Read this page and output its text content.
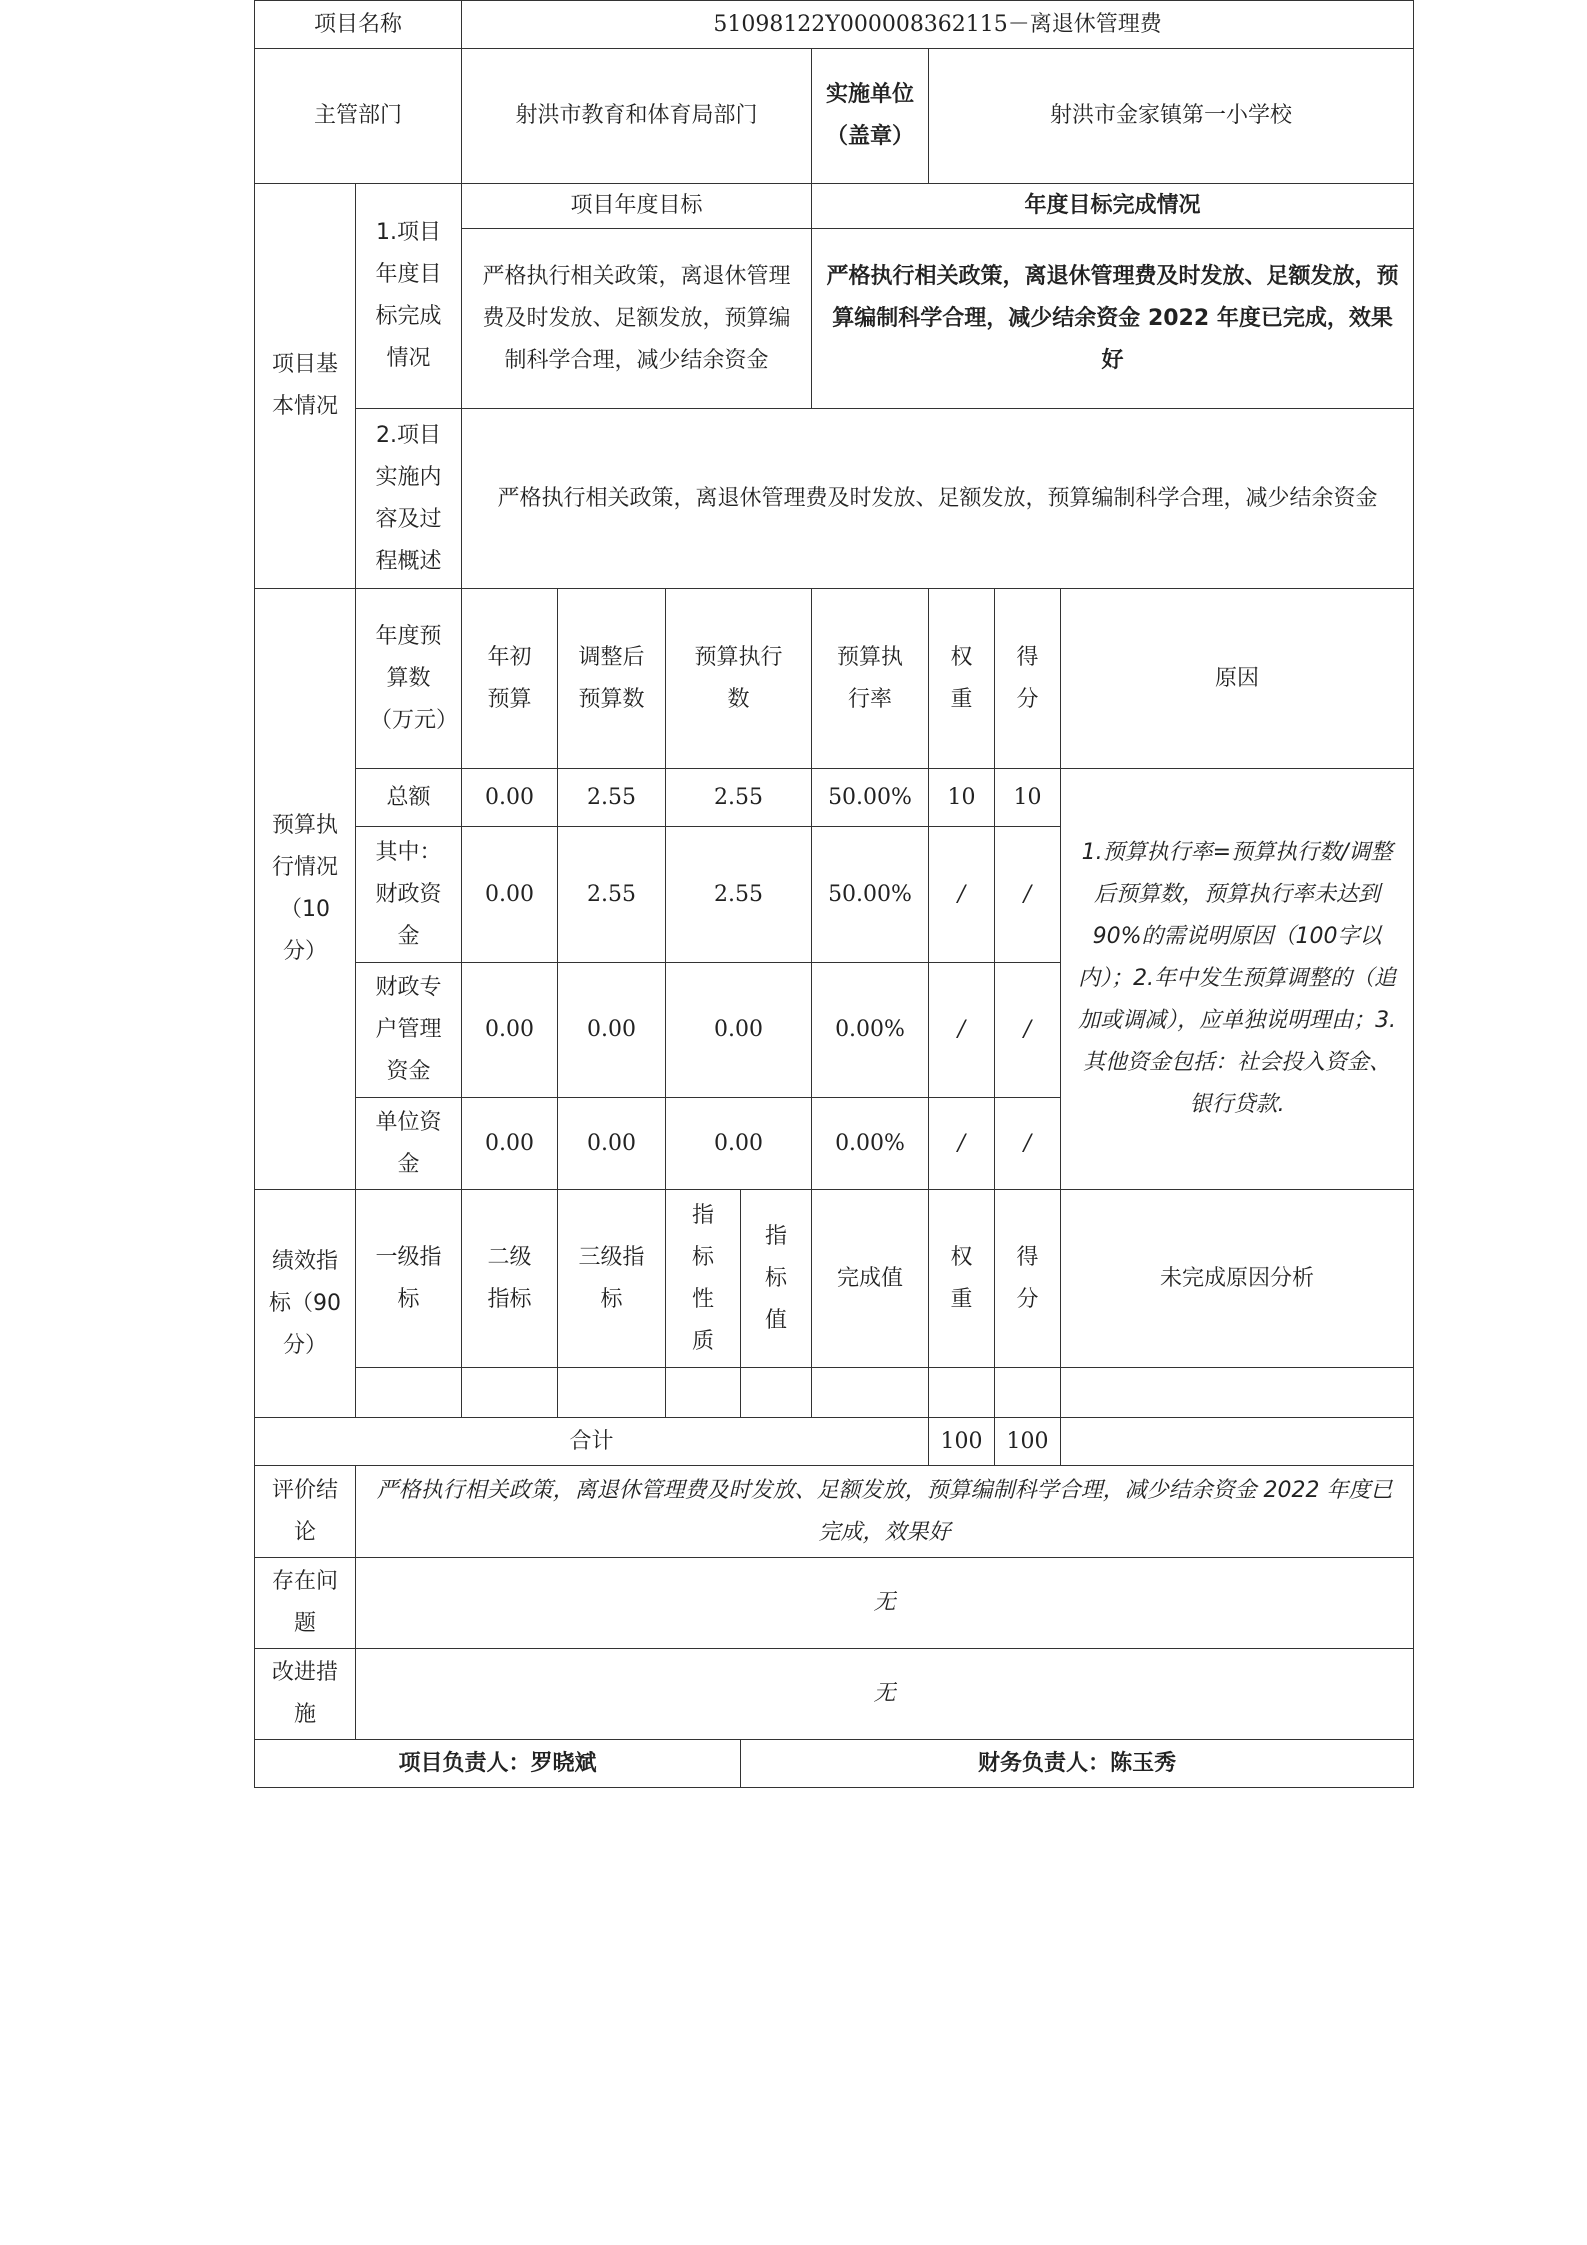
项目名称		51098122Y000008362115－离退休管理费							
主管部门		射洪市教育和体育局部门				实施单位（盖章）	射洪市金家镇第一小学校		
项目基本情况	1.项目年度目标完成情况	项目年度目标				年度目标完成情况			
		严格执行相关政策，离退休管理费及时发放、足额发放，预算编制科学合理，减少结余资金				严格执行相关政策，离退休管理费及时发放、足额发放，预算编制科学合理，减少结余资金 2022 年度已完成，效果好			
	2.项目实施内容及过程概述	严格执行相关政策，离退休管理费及时发放、足额发放，预算编制科学合理，减少结余资金							

预算执行情况（10分）	年度预算数（万元）	年初预算	调整后预算数	预算执行数		预算执行率	权重	得分	原因
	总额	0.00	2.55	2.55		50.00%	10	10	1.预算执行率=预算执行数/调整后预算数，预算执行率未达到90%的需说明原因（100字以内）；2.年中发生预算调整的（追加或调减），应单独说明理由；3.其他资金包括：社会投入资金、银行贷款.
	其中：财政资金	0.00	2.55	2.55		50.00%	/	/	
	财政专户管理资金	0.00	0.00	0.00		0.00%	/	/	
	单位资金	0.00	0.00	0.00		0.00%	/	/	
绩效指标（90分）	一级指标	二级指标	三级指标	指标性质	指标值	完成值	权重	得分	未完成原因分析

合计							100	100	
评价结论	严格执行相关政策，离退休管理费及时发放、足额发放，预算编制科学合理，减少结余资金 2022 年度已完成，效果好								
存在问题	无								
改进措施	无								
项目负责人：罗晓斌					财务负责人：陈玉秀				
